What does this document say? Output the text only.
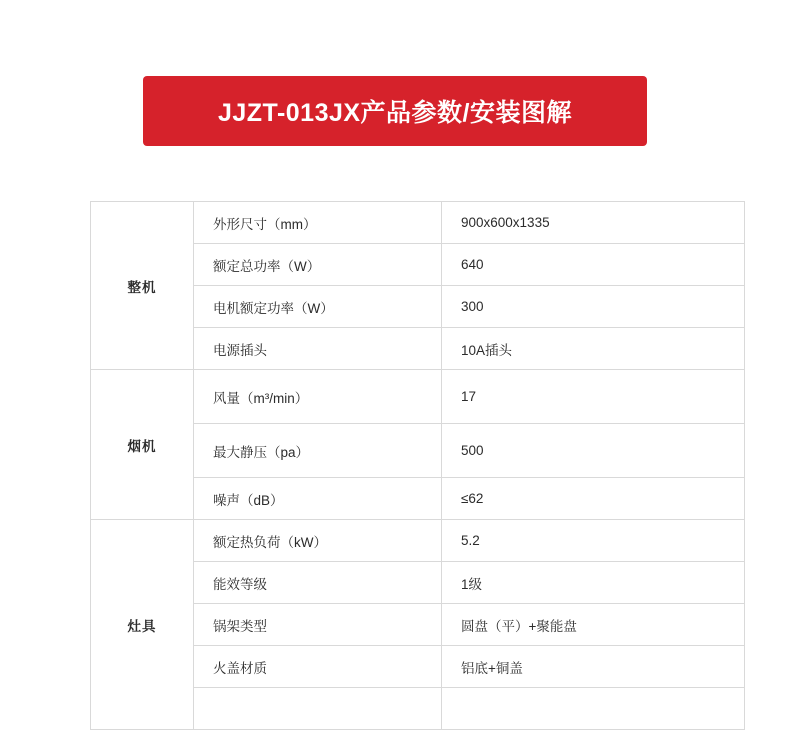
JJZT-013JX产品参数/安装图解
整机	外形尺寸（mm）	900x600x1335
	额定总功率（W）	640
	电机额定功率（W）	300
	电源插头	10A插头
烟机	风量（m³/min）	17
	最大静压（pa）	500
	噪声（dB）	≤62
灶具	额定热负荷（kW）	5.2
	能效等级	1级
	锅架类型	圆盘（平）+聚能盘
	火盖材质	铝底+铜盖
